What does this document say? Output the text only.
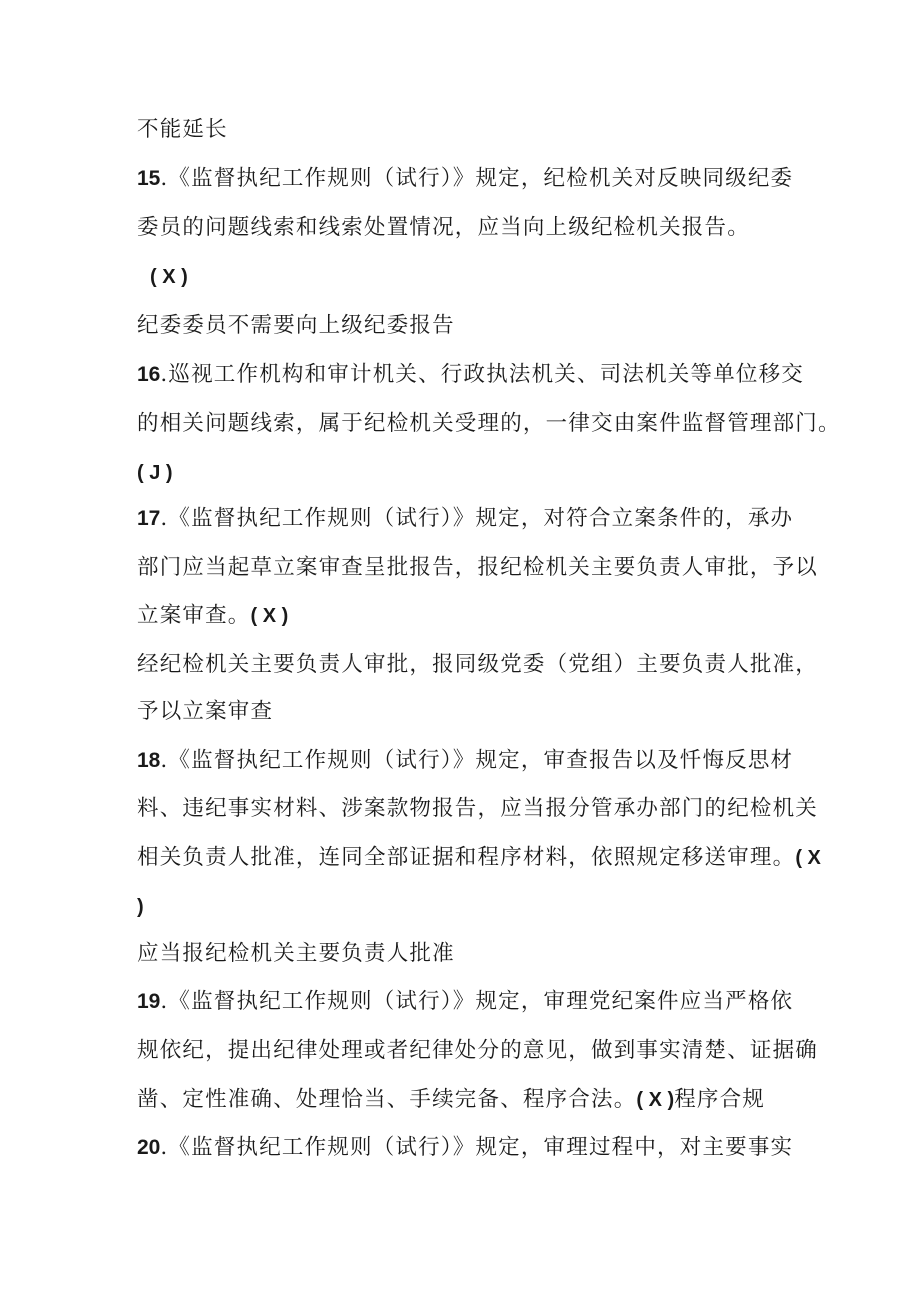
不能延长
15.《监督执纪工作规则（试行）》规定，纪检机关对反映同级纪委
委员的问题线索和线索处置情况，应当向上级纪检机关报告。
( X )
纪委委员不需要向上级纪委报告
16.巡视工作机构和审计机关、行政执法机关、司法机关等单位移交
的相关问题线索，属于纪检机关受理的，一律交由案件监督管理部门。
( J )
17.《监督执纪工作规则（试行）》规定，对符合立案条件的，承办
部门应当起草立案审查呈批报告，报纪检机关主要负责人审批，予以
立案审查。( X )
经纪检机关主要负责人审批，报同级党委（党组）主要负责人批准，
予以立案审查
18.《监督执纪工作规则（试行）》规定，审查报告以及忏悔反思材
料、违纪事实材料、涉案款物报告，应当报分管承办部门的纪检机关
相关负责人批准，连同全部证据和程序材料，依照规定移送审理。( X
)
应当报纪检机关主要负责人批准
19.《监督执纪工作规则（试行）》规定，审理党纪案件应当严格依
规依纪，提出纪律处理或者纪律处分的意见，做到事实清楚、证据确
凿、定性准确、处理恰当、手续完备、程序合法。( X )程序合规
20.《监督执纪工作规则（试行）》规定，审理过程中，对主要事实
